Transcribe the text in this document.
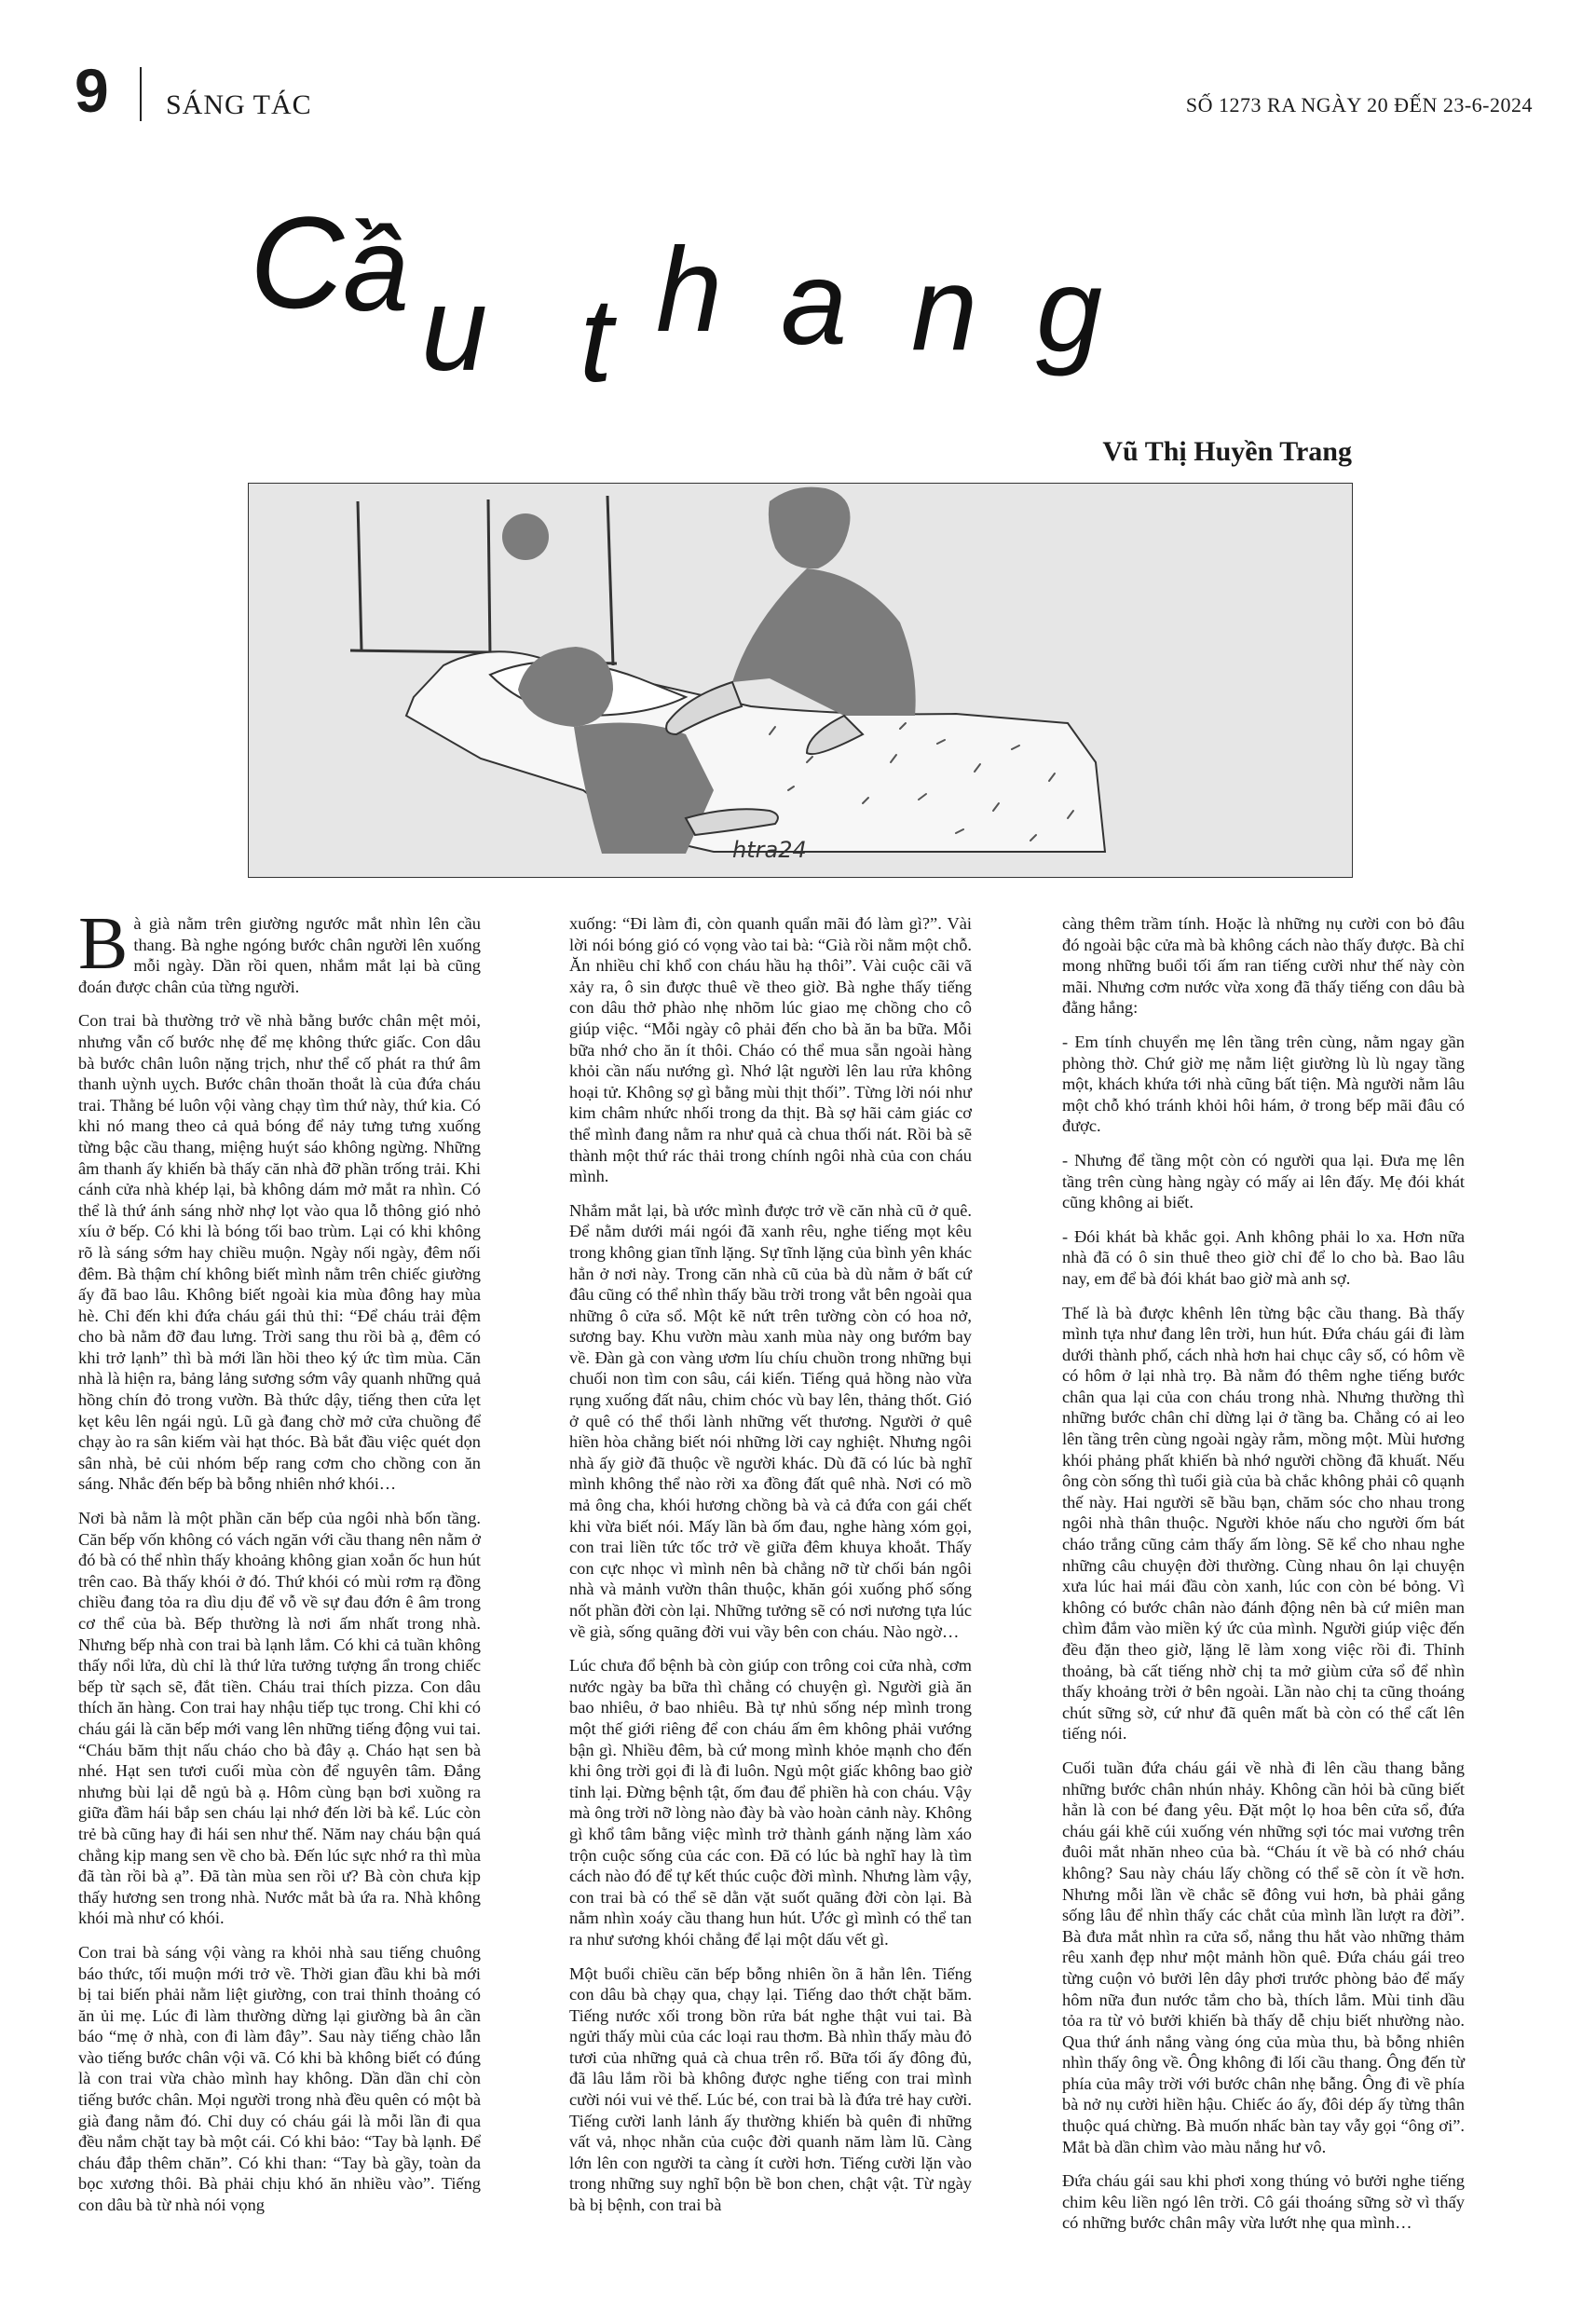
9 SÁNG TÁC	SỐ 1273 RA NGÀY 20 ĐẾN 23-6-2024
C
ầ u t h a n g
Vũ Thị Huyền Trang
htra24

Bà già nằm trên giường ngước mắt nhìn lên cầu thang. Bà nghe ngóng bước chân người lên xuống mỗi ngày. Dần rồi quen, nhắm mắt lại bà cũng đoán được chân của từng người.

Con trai bà thường trở về nhà bằng bước chân mệt mỏi, nhưng vẫn cố bước nhẹ để mẹ không thức giấc. Con dâu bà bước chân luôn nặng trịch, như thể cố phát ra thứ âm thanh uỳnh uỵch. Bước chân thoăn thoắt là của đứa cháu trai. Thằng bé luôn vội vàng chạy tìm thứ này, thứ kia. Có khi nó mang theo cả quả bóng để nảy tưng tưng xuống từng bậc cầu thang, miệng huýt sáo không ngừng. Những âm thanh ấy khiến bà thấy căn nhà đỡ phần trống trải. Khi cánh cửa nhà khép lại, bà không dám mở mắt ra nhìn. Có thể là thứ ánh sáng nhờ nhợ lọt vào qua lỗ thông gió nhỏ xíu ở bếp. Có khi là bóng tối bao trùm. Lại có khi không rõ là sáng sớm hay chiều muộn. Ngày nối ngày, đêm nối đêm. Bà thậm chí không biết mình nằm trên chiếc giường ấy đã bao lâu. Không biết ngoài kia mùa đông hay mùa hè. Chỉ đến khi đứa cháu gái thủ thỉ: “Để cháu trải đệm cho bà nằm đỡ đau lưng. Trời sang thu rồi bà ạ, đêm có khi trở lạnh” thì bà mới lần hồi theo ký ức tìm mùa. Căn nhà là hiện ra, bảng lảng sương sớm vây quanh những quả hồng chín đỏ trong vườn. Bà thức dậy, tiếng then cửa lẹt kẹt kêu lên ngái ngủ. Lũ gà đang chờ mở cửa chuồng để chạy ào ra sân kiếm vài hạt thóc. Bà bắt đầu việc quét dọn sân nhà, bẻ củi nhóm bếp rang cơm cho chồng con ăn sáng. Nhắc đến bếp bà bỗng nhiên nhớ khói…

Nơi bà nằm là một phần căn bếp của ngôi nhà bốn tầng. Căn bếp vốn không có vách ngăn với cầu thang nên nằm ở đó bà có thể nhìn thấy khoảng không gian xoắn ốc hun hút trên cao. Bà thấy khói ở đó. Thứ khói có mùi rơm rạ đồng chiều đang tỏa ra dìu dịu để vỗ về sự đau đớn ê âm trong cơ thể của bà. Bếp thường là nơi ấm nhất trong nhà. Nhưng bếp nhà con trai bà lạnh lắm. Có khi cả tuần không thấy nổi lửa, dù chỉ là thứ lửa tưởng tượng ẩn trong chiếc bếp từ sạch sẽ, đắt tiền. Cháu trai thích pizza. Con dâu thích ăn hàng. Con trai hay nhậu tiếp tục trong. Chỉ khi có cháu gái là căn bếp mới vang lên những tiếng động vui tai. “Cháu băm thịt nấu cháo cho bà đây ạ. Cháo hạt sen bà nhé. Hạt sen tươi cuối mùa còn để nguyên tâm. Đắng nhưng bùi lại dễ ngủ bà ạ. Hôm cùng bạn bơi xuồng ra giữa đầm hái bắp sen cháu lại nhớ đến lời bà kể. Lúc còn trẻ bà cũng hay đi hái sen như thế. Năm nay cháu bận quá chẳng kịp mang sen về cho bà. Đến lúc sực nhớ ra thì mùa đã tàn rồi bà ạ”. Đã tàn mùa sen rồi ư? Bà còn chưa kịp thấy hương sen trong nhà. Nước mắt bà ứa ra. Nhà không khói mà như có khói.

Con trai bà sáng vội vàng ra khỏi nhà sau tiếng chuông báo thức, tối muộn mới trở về. Thời gian đầu khi bà mới bị tai biến phải nằm liệt giường, con trai thỉnh thoảng có ăn ủi mẹ. Lúc đi làm thường dừng lại giường bà ân cần báo “mẹ ở nhà, con đi làm đây”. Sau này tiếng chào lẫn vào tiếng bước chân vội vã. Có khi bà không biết có đúng là con trai vừa chào mình hay không. Dần dần chỉ còn tiếng bước chân. Mọi người trong nhà đều quên có một bà già đang nằm đó. Chỉ duy có cháu gái là mỗi lần đi qua đều nắm chặt tay bà một cái. Có khi bảo: “Tay bà lạnh. Để cháu đắp thêm chăn”. Có khi than: “Tay bà gầy, toàn da bọc xương thôi. Bà phải chịu khó ăn nhiều vào”. Tiếng con dâu bà từ nhà nói vọng

xuống: “Đi làm đi, còn quanh quẩn mãi đó làm gì?”. Vài lời nói bóng gió có vọng vào tai bà: “Già rồi nằm một chỗ. Ăn nhiều chỉ khổ con cháu hầu hạ thôi”. Vài cuộc cãi vã xảy ra, ô sin được thuê về theo giờ. Bà nghe thấy tiếng con dâu thở phào nhẹ nhõm lúc giao mẹ chồng cho cô giúp việc. “Mỗi ngày cô phải đến cho bà ăn ba bữa. Mỗi bữa nhớ cho ăn ít thôi. Cháo có thể mua sẵn ngoài hàng khỏi cần nấu nướng gì. Nhớ lật người lên lau rửa không hoại tử. Không sợ gì bằng mùi thịt thối”. Từng lời nói như kim châm nhức nhối trong da thịt. Bà sợ hãi cảm giác cơ thể mình đang nằm ra như quả cà chua thối nát. Rồi bà sẽ thành một thứ rác thải trong chính ngôi nhà của con cháu mình.

Nhắm mắt lại, bà ước mình được trở về căn nhà cũ ở quê. Để nằm dưới mái ngói đã xanh rêu, nghe tiếng mọt kêu trong không gian tĩnh lặng. Sự tĩnh lặng của bình yên khác hẳn ở nơi này. Trong căn nhà cũ của bà dù nằm ở bất cứ đâu cũng có thể nhìn thấy bầu trời trong vắt bên ngoài qua những ô cửa sổ. Một kẽ nứt trên tường còn có hoa nở, sương bay. Khu vườn màu xanh mùa này ong bướm bay về. Đàn gà con vàng ươm líu chíu chuồn trong những bụi chuối non tìm con sâu, cái kiến. Tiếng quả hồng nào vừa rụng xuống đất nâu, chim chóc vù bay lên, thảng thốt. Gió ở quê có thể thổi lành những vết thương. Người ở quê hiền hòa chẳng biết nói những lời cay nghiệt. Nhưng ngôi nhà ấy giờ đã thuộc về người khác. Dù đã có lúc bà nghĩ mình không thể nào rời xa đồng đất quê nhà. Nơi có mồ mả ông cha, khói hương chồng bà và cả đứa con gái chết khi vừa biết nói. Mấy lần bà ốm đau, nghe hàng xóm gọi, con trai liền tức tốc trở về giữa đêm khuya khoắt. Thấy con cực nhọc vì mình nên bà chẳng nỡ từ chối bán ngôi nhà và mảnh vườn thân thuộc, khăn gói xuống phố sống nốt phần đời còn lại. Những tưởng sẽ có nơi nương tựa lúc về già, sống quãng đời vui vầy bên con cháu. Nào ngờ…

Lúc chưa đổ bệnh bà còn giúp con trông coi cửa nhà, cơm nước ngày ba bữa thì chẳng có chuyện gì. Người già ăn bao nhiêu, ở bao nhiêu. Bà tự nhủ sống nép mình trong một thế giới riêng để con cháu ấm êm không phải vướng bận gì. Nhiều đêm, bà cứ mong mình khỏe mạnh cho đến khi ông trời gọi đi là đi luôn. Ngủ một giấc không bao giờ tỉnh lại. Đừng bệnh tật, ốm đau để phiền hà con cháu. Vậy mà ông trời nỡ lòng nào đày bà vào hoàn cảnh này. Không gì khổ tâm bằng việc mình trở thành gánh nặng làm xáo trộn cuộc sống của các con. Đã có lúc bà nghĩ hay là tìm cách nào đó để tự kết thúc cuộc đời mình. Nhưng làm vậy, con trai bà có thể sẽ dằn vặt suốt quãng đời còn lại. Bà nằm nhìn xoáy cầu thang hun hút. Ước gì mình có thể tan ra như sương khói chẳng để lại một dấu vết gì.

Một buổi chiều căn bếp bỗng nhiên ồn ã hẳn lên. Tiếng con dâu bà chạy qua, chạy lại. Tiếng dao thớt chặt băm. Tiếng nước xối trong bồn rửa bát nghe thật vui tai. Bà ngửi thấy mùi của các loại rau thơm. Bà nhìn thấy màu đỏ tươi của những quả cà chua trên rổ. Bữa tối ấy đông đủ, đã lâu lắm rồi bà không được nghe tiếng con trai mình cười nói vui vẻ thế. Lúc bé, con trai bà là đứa trẻ hay cười. Tiếng cười lanh lảnh ấy thường khiến bà quên đi những vất vả, nhọc nhằn của cuộc đời quanh năm làm lũ. Càng lớn lên con người ta càng ít cười hơn. Tiếng cười lặn vào trong những suy nghĩ bộn bề bon chen, chật vật. Từ ngày bà bị bệnh, con trai bà

càng thêm trầm tính. Hoặc là những nụ cười con bỏ đâu đó ngoài bậc cửa mà bà không cách nào thấy được. Bà chỉ mong những buổi tối ấm ran tiếng cười như thế này còn mãi. Nhưng cơm nước vừa xong đã thấy tiếng con dâu bà đằng hắng:

- Em tính chuyển mẹ lên tầng trên cùng, nằm ngay gần phòng thờ. Chứ giờ mẹ nằm liệt giường lù lù ngay tầng một, khách khứa tới nhà cũng bất tiện. Mà người nằm lâu một chỗ khó tránh khỏi hôi hám, ở trong bếp mãi đâu có được.

- Nhưng để tầng một còn có người qua lại. Đưa mẹ lên tầng trên cùng hàng ngày có mấy ai lên đấy. Mẹ đói khát cũng không ai biết.

- Đói khát bà khắc gọi. Anh không phải lo xa. Hơn nữa nhà đã có ô sin thuê theo giờ chỉ để lo cho bà. Bao lâu nay, em để bà đói khát bao giờ mà anh sợ.

Thế là bà được khênh lên từng bậc cầu thang. Bà thấy mình tựa như đang lên trời, hun hút. Đứa cháu gái đi làm dưới thành phố, cách nhà hơn hai chục cây số, có hôm về có hôm ở lại nhà trọ. Bà nằm đó thêm nghe tiếng bước chân qua lại của con cháu trong nhà. Nhưng thường thì những bước chân chỉ dừng lại ở tầng ba. Chẳng có ai leo lên tầng trên cùng ngoài ngày rằm, mồng một. Mùi hương khói phảng phất khiến bà nhớ người chồng đã khuất. Nếu ông còn sống thì tuổi già của bà chắc không phải cô quạnh thế này. Hai người sẽ bầu bạn, chăm sóc cho nhau trong ngôi nhà thân thuộc. Người khỏe nấu cho người ốm bát cháo trắng cũng cảm thấy ấm lòng. Sẽ kể cho nhau nghe những câu chuyện đời thường. Cùng nhau ôn lại chuyện xưa lúc hai mái đầu còn xanh, lúc con còn bé bỏng. Vì không có bước chân nào đánh động nên bà cứ miên man chìm đắm vào miền ký ức của mình. Người giúp việc đến đều đặn theo giờ, lặng lẽ làm xong việc rồi đi. Thỉnh thoảng, bà cất tiếng nhờ chị ta mở giùm cửa sổ để nhìn thấy khoảng trời ở bên ngoài. Lần nào chị ta cũng thoáng chút sững sờ, cứ như đã quên mất bà còn có thể cất lên tiếng nói.

Cuối tuần đứa cháu gái về nhà đi lên cầu thang bằng những bước chân nhún nhảy. Không cần hỏi bà cũng biết hẳn là con bé đang yêu. Đặt một lọ hoa bên cửa sổ, đứa cháu gái khẽ cúi xuống vén những sợi tóc mai vương trên đuôi mắt nhăn nheo của bà. “Cháu ít về bà có nhớ cháu không? Sau này cháu lấy chồng có thể sẽ còn ít về hơn. Nhưng mỗi lần về chắc sẽ đông vui hơn, bà phải gắng sống lâu để nhìn thấy các chắt của mình lần lượt ra đời”. Bà đưa mắt nhìn ra cửa sổ, nắng thu hắt vào những thảm rêu xanh đẹp như một mảnh hồn quê. Đứa cháu gái treo từng cuộn vỏ bưởi lên dây phơi trước phòng bảo để mấy hôm nữa đun nước tắm cho bà, thích lắm. Mùi tinh dầu tỏa ra từ vỏ bưởi khiến bà thấy dễ chịu biết nhường nào. Qua thứ ánh nắng vàng óng của mùa thu, bà bỗng nhiên nhìn thấy ông về. Ông không đi lối cầu thang. Ông đến từ phía của mây trời với bước chân nhẹ bẫng. Ông đi về phía bà nở nụ cười hiền hậu. Chiếc áo ấy, đôi dép ấy từng thân thuộc quá chừng. Bà muốn nhấc bàn tay vẫy gọi “ông ơi”. Mắt bà dần chìm vào màu nắng hư vô.

Đứa cháu gái sau khi phơi xong thúng vỏ bưởi nghe tiếng chim kêu liền ngó lên trời. Cô gái thoáng sững sờ vì thấy có những bước chân mây vừa lướt nhẹ qua mình…
